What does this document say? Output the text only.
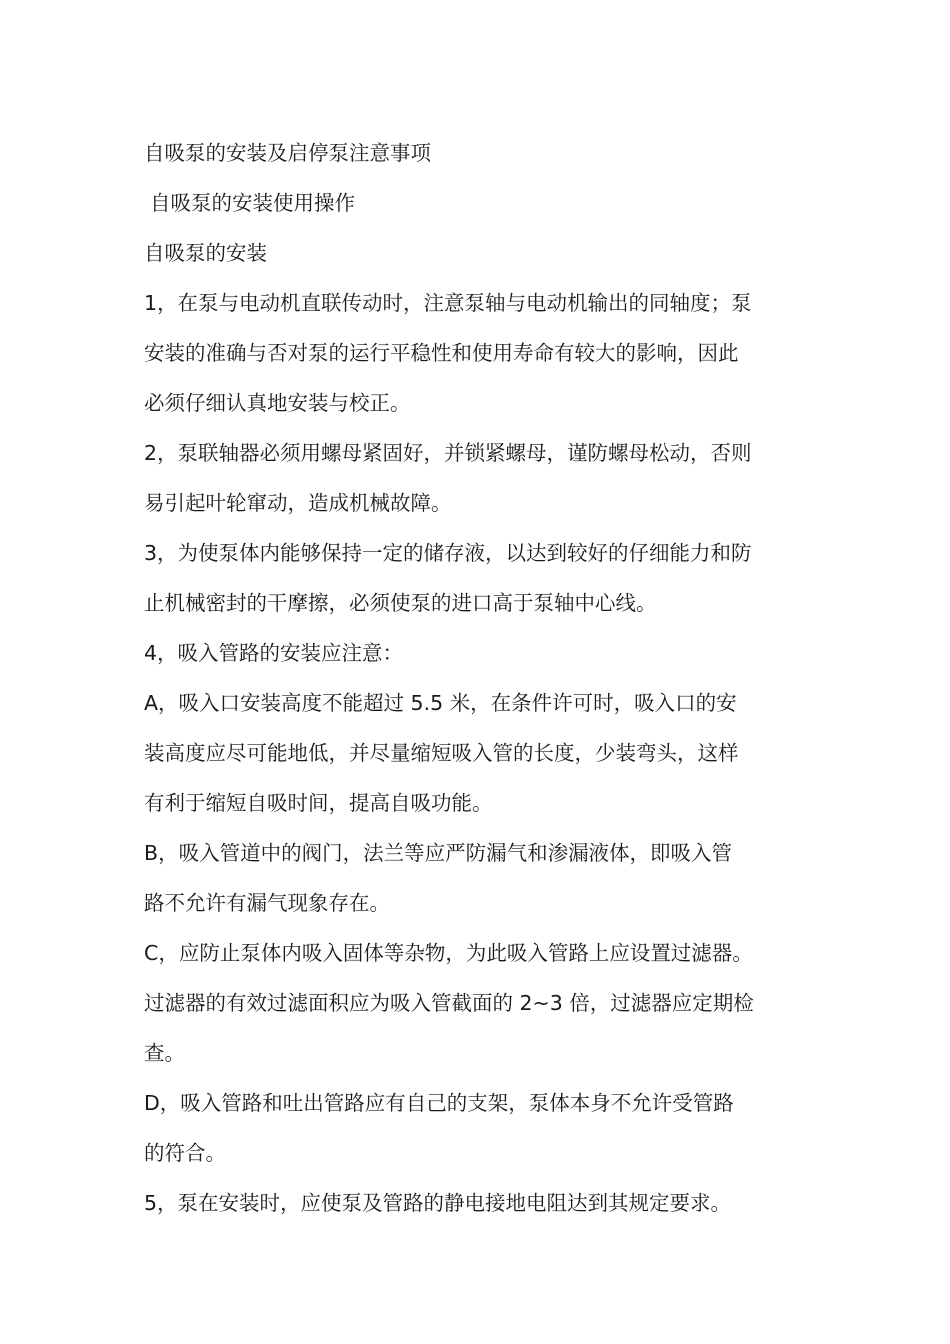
自吸泵的安装及启停泵注意事项
自吸泵的安装使用操作
自吸泵的安装
1，在泵与电动机直联传动时，注意泵轴与电动机输出的同轴度；泵
安装的准确与否对泵的运行平稳性和使用寿命有较大的影响，因此
必须仔细认真地安装与校正。
2，泵联轴器必须用螺母紧固好，并锁紧螺母，谨防螺母松动，否则
易引起叶轮窜动，造成机械故障。
3，为使泵体内能够保持一定的储存液，以达到较好的仔细能力和防
止机械密封的干摩擦，必须使泵的进口高于泵轴中心线。
4，吸入管路的安装应注意：
A，吸入口安装高度不能超过 5.5 米，在条件许可时，吸入口的安
装高度应尽可能地低，并尽量缩短吸入管的长度，少装弯头，这样
有利于缩短自吸时间，提高自吸功能。
B，吸入管道中的阀门，法兰等应严防漏气和渗漏液体，即吸入管
路不允许有漏气现象存在。
C，应防止泵体内吸入固体等杂物，为此吸入管路上应设置过滤器。
过滤器的有效过滤面积应为吸入管截面的 2~3 倍，过滤器应定期检
查。
D，吸入管路和吐出管路应有自己的支架，泵体本身不允许受管路
的符合。
5，泵在安装时，应使泵及管路的静电接地电阻达到其规定要求。
